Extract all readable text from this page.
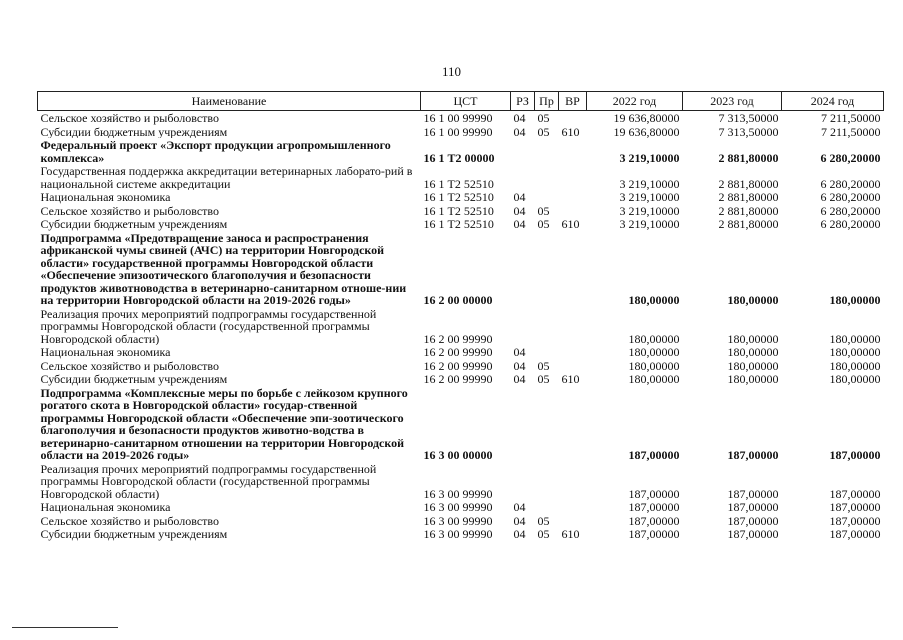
110
Наименование	ЦСТ	РЗ	Пр	ВР	2022 год	2023 год	2024 год
Сельское хозяйство и рыболовство	16 1 00 99990	04	05		19 636,80000	7 313,50000	7 211,50000
Субсидии бюджетным учреждениям	16 1 00 99990	04	05	610	19 636,80000	7 313,50000	7 211,50000
Федеральный проект «Экспорт продукции агропромышленного комплекса»	16 1 Т2 00000				3 219,10000	2 881,80000	6 280,20000
Государственная поддержка аккредитации ветеринарных лаборато-рий в национальной системе аккредитации	16 1 Т2 52510				3 219,10000	2 881,80000	6 280,20000
Национальная экономика	16 1 Т2 52510	04			3 219,10000	2 881,80000	6 280,20000
Сельское хозяйство и рыболовство	16 1 Т2 52510	04	05		3 219,10000	2 881,80000	6 280,20000
Субсидии бюджетным учреждениям	16 1 Т2 52510	04	05	610	3 219,10000	2 881,80000	6 280,20000
Подпрограмма «Предотвращение заноса и распространения африканской чумы свиней (АЧС) на территории Новгородской области» государственной программы Новгородской области «Обеспечение эпизоотического благополучия и безопасности продуктов животноводства в ветеринарно-санитарном отноше-нии на территории Новгородской области на 2019-2026 годы»	16 2 00 00000				180,00000	180,00000	180,00000
Реализация прочих мероприятий подпрограммы государственной программы Новгородской области (государственной программы Новгородской области)	16 2 00 99990				180,00000	180,00000	180,00000
Национальная экономика	16 2 00 99990	04			180,00000	180,00000	180,00000
Сельское хозяйство и рыболовство	16 2 00 99990	04	05		180,00000	180,00000	180,00000
Субсидии бюджетным учреждениям	16 2 00 99990	04	05	610	180,00000	180,00000	180,00000
Подпрограмма «Комплексные меры по борьбе с лейкозом крупного рогатого скота в Новгородской области» государ-ственной программы Новгородской области «Обеспечение эпи-зоотического благополучия и безопасности продуктов животно-водства в ветеринарно-санитарном отношении на территории Новгородской области на 2019-2026 годы»	16 3 00 00000				187,00000	187,00000	187,00000
Реализация прочих мероприятий подпрограммы государственной программы Новгородской области (государственной программы Новгородской области)	16 3 00 99990				187,00000	187,00000	187,00000
Национальная экономика	16 3 00 99990	04			187,00000	187,00000	187,00000
Сельское хозяйство и рыболовство	16 3 00 99990	04	05		187,00000	187,00000	187,00000
Субсидии бюджетным учреждениям	16 3 00 99990	04	05	610	187,00000	187,00000	187,00000
